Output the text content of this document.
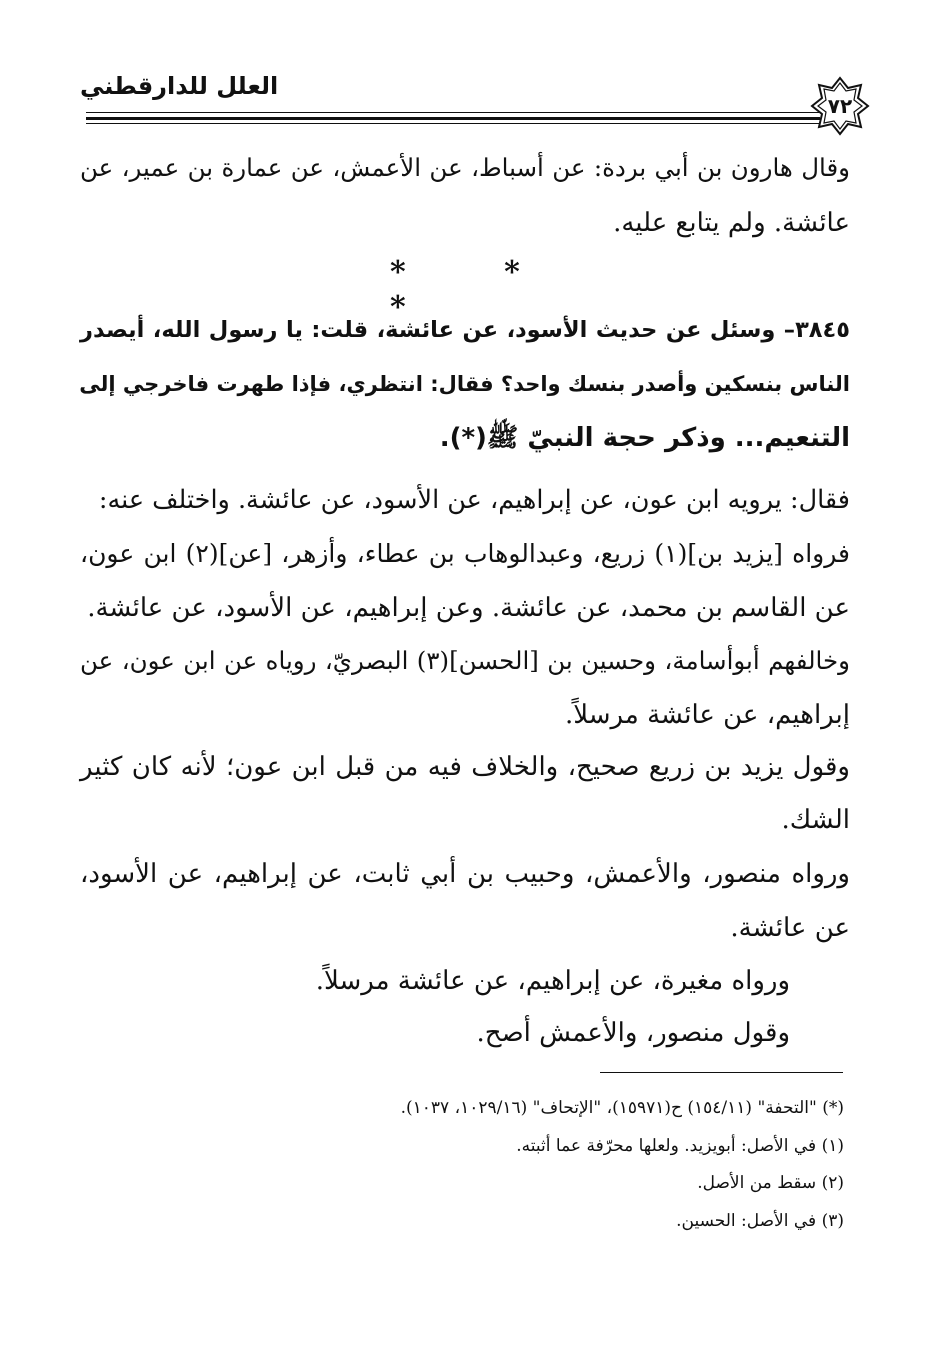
العلل للدارقطني
٧٢
وقال هارون بن أبي بردة: عن أسباط، عن الأعمش، عن عمارة بن عمير، عن
عائشة. ولم يتابع عليه.
* * *
٣٨٤٥– وسئل عن حديث الأسود، عن عائشة، قلت: يا رسول الله، أيصدر
الناس بنسكين وأصدر بنسك واحد؟ فقال: انتظري، فإذا طهرت فاخرجي إلى
التنعيم... وذكر حجة النبيّ ﷺ(*).
فقال: يرويه ابن عون، عن إبراهيم، عن الأسود، عن عائشة. واختلف عنه:
فرواه [يزيد بن](١) زريع، وعبدالوهاب بن عطاء، وأزهر، [عن](٢) ابن عون،
عن القاسم بن محمد، عن عائشة. وعن إبراهيم، عن الأسود، عن عائشة.
وخالفهم أبوأسامة، وحسين بن [الحسن](٣) البصريّ، روياه عن ابن عون، عن
إبراهيم، عن عائشة مرسلاً.
وقول يزيد بن زريع صحيح، والخلاف فيه من قبل ابن عون؛ لأنه كان كثير
الشك.
ورواه منصور، والأعمش، وحبيب بن أبي ثابت، عن إبراهيم، عن الأسود،
عن عائشة.
ورواه مغيرة، عن إبراهيم، عن عائشة مرسلاً.
وقول منصور، والأعمش أصح.
(*) "التحفة" (١٥٤/١١) ح(١٥٩٧١)، "الإتحاف" (١٠٢٩/١٦، ١٠٣٧).
(١) في الأصل: أبويزيد. ولعلها محرّفة عما أثبته.
(٢) سقط من الأصل.
(٣) في الأصل: الحسين.
